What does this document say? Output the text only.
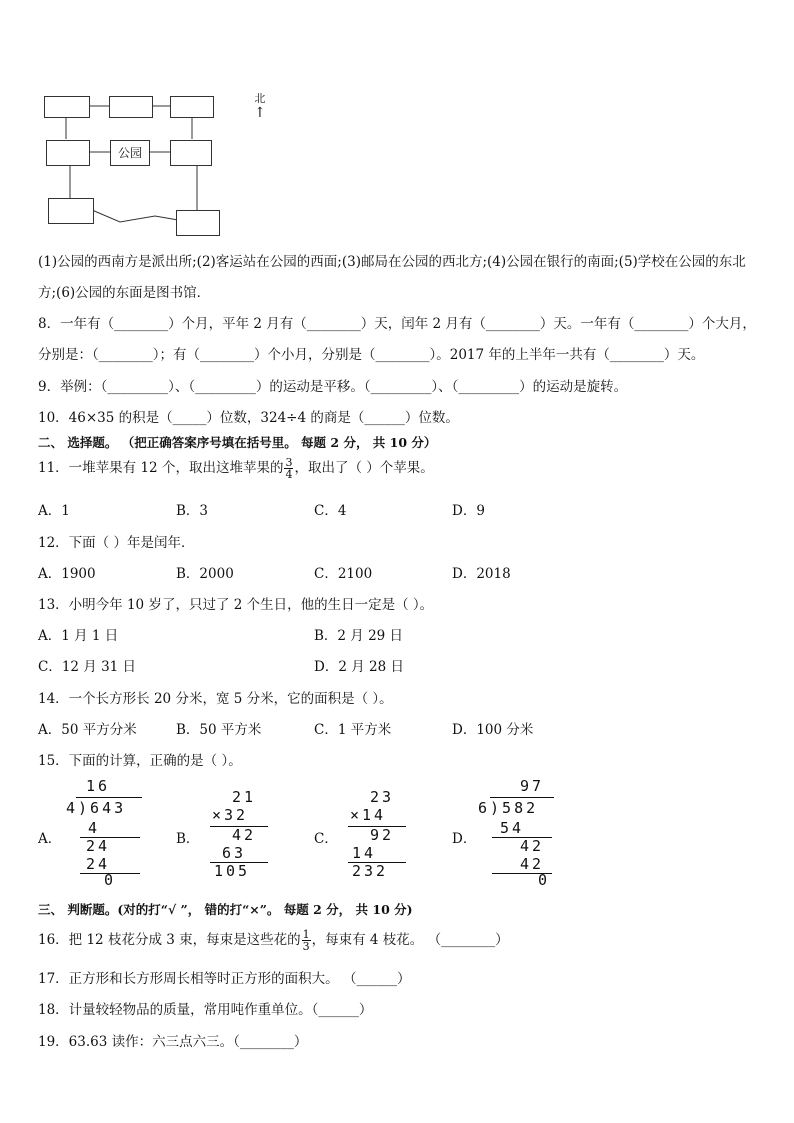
公园
北
↑
(1)公园的西南方是派出所;(2)客运站在公园的西面;(3)邮局在公园的西北方;(4)公园在银行的南面;(5)学校在公园的东北
方;(6)公园的东面是图书馆．
8．一年有（________）个月，平年 2 月有（________）天，闰年 2 月有（________）天。一年有（________）个大月，
分别是：（________）；有（________）个小月，分别是（________）。2017 年的上半年一共有（________）天。
9．举例：（_________）、（_________）的运动是平移。（_________）、（_________）的运动是旋转。
10．46×35 的积是（_____）位数，324÷4 的商是（______）位数。
二、 选择题。 （把正确答案序号填在括号里。 每题 2 分， 共 10 分）
11．一堆苹果有 12 个，取出这堆苹果的 $\frac{3}{4}$ ，取出了（ ）个苹果。
A．1	B．3	C．4	D．9
12．下面（ ）年是闰年．
A．1900	B．2000	C．2100	D．2018
13．小明今年 10 岁了，只过了 2 个生日，他的生日一定是（ ）。
A．1 月 1 日	B．2 月 29 日
C．12 月 31 日	D．2 月 28 日
14．一个长方形长 20 分米，宽 5 分米，它的面积是（ ）。
A．50 平方分米	B．50 平方米	C．1 平方米	D．100 分米
15．下面的计算，正确的是（ ）。
A．
16
4)643
4
24
24
0
B．
21
×32
42
63
105
C．
23
×14
92
14
232
D．
97
6)582
54
42
42
0
三、 判断题。(对的打“√ ”， 错的打“×”。 每题 2 分， 共 10 分)
16．把 12 枝花分成 3 束，每束是这些花的 $\frac{1}{3}$ ，每束有 4 枝花。 （________）
17．正方形和长方形周长相等时正方形的面积大。 （______）
18．计量较轻物品的质量，常用吨作重单位。（______）
19．63.63 读作：六三点六三。（________）
